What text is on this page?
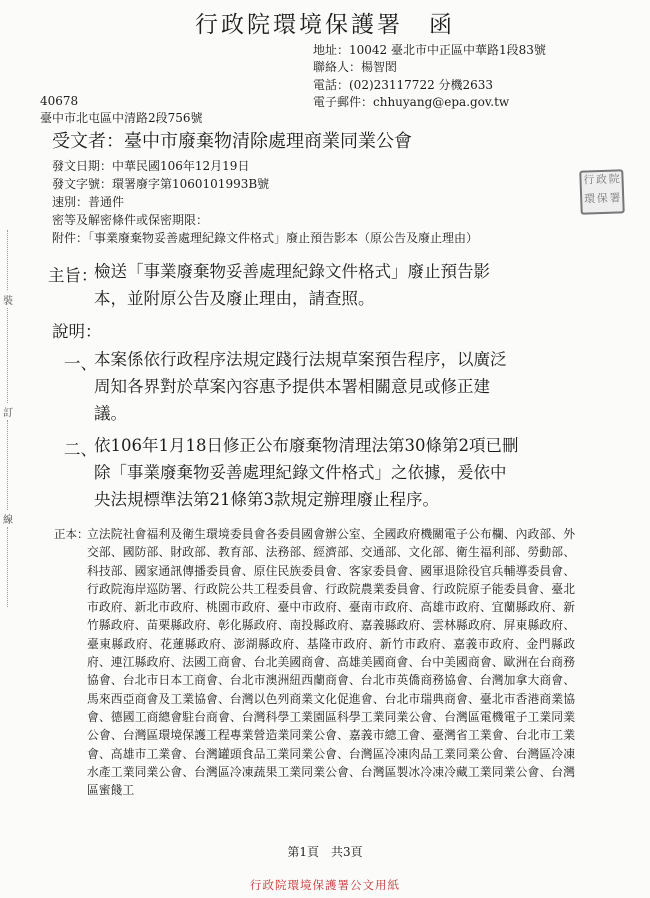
行政院環境保護署　函
地址：10042 臺北市中正區中華路1段83號
聯絡人：楊智閎
電話：(02)23117722 分機2633
電子郵件：chhuyang@epa.gov.tw
40678
臺中市北屯區中清路2段756號
受文者：臺中市廢棄物清除處理商業同業公會
發文日期：中華民國106年12月19日
發文字號：環署廢字第1060101993B號
速別：普通件
密等及解密條件或保密期限：
附件：「事業廢棄物妥善處理紀錄文件格式」廢止預告影本（原公告及廢止理由）
行 政 院
環 保 署
主旨：
檢送「事業廢棄物妥善處理紀錄文件格式」廢止預告影
本，並附原公告及廢止理由，請查照。
說明：
一、
本案係依行政程序法規定踐行法規草案預告程序，以廣泛
周知各界對於草案內容惠予提供本署相關意見或修正建
議。
二、
依106年1月18日修正公布廢棄物清理法第30條第2項已刪
除「事業廢棄物妥善處理紀錄文件格式」之依據，爰依中
央法規標準法第21條第3款規定辦理廢止程序。
正本：
立法院社會福利及衛生環境委員會各委員國會辦公室、全國政府機關電子公布欄、內政部、外交部、國防部、財政部、教育部、法務部、經濟部、交通部、文化部、衛生福利部、勞動部、科技部、國家通訊傳播委員會、原住民族委員會、客家委員會、國軍退除役官兵輔導委員會、行政院海岸巡防署、行政院公共工程委員會、行政院農業委員會、行政院原子能委員會、臺北市政府、新北市政府、桃園市政府、臺中市政府、臺南市政府、高雄市政府、宜蘭縣政府、新竹縣政府、苗栗縣政府、彰化縣政府、南投縣政府、嘉義縣政府、雲林縣政府、屏東縣政府、臺東縣政府、花蓮縣政府、澎湖縣政府、基隆市政府、新竹市政府、嘉義市政府、金門縣政府、連江縣政府、法國工商會、台北美國商會、高雄美國商會、台中美國商會、歐洲在台商務協會、台北市日本工商會、台北市澳洲紐西蘭商會、台北市英僑商務協會、台灣加拿大商會、馬來西亞商會及工業協會、台灣以色列商業文化促進會、台北市瑞典商會、臺北市香港商業協會、德國工商總會駐台商會、台灣科學工業園區科學工業同業公會、台灣區電機電子工業同業公會、台灣區環境保護工程專業營造業同業公會、嘉義市總工會、臺灣省工業會、台北市工業會、高雄市工業會、台灣罐頭食品工業同業公會、台灣區冷凍肉品工業同業公會、台灣區冷凍水產工業同業公會、台灣區冷凍蔬果工業同業公會、台灣區製冰冷凍冷藏工業同業公會、台灣區蜜餞工
第1頁　共3頁
行政院環境保護署公文用紙
裝
訂
線
